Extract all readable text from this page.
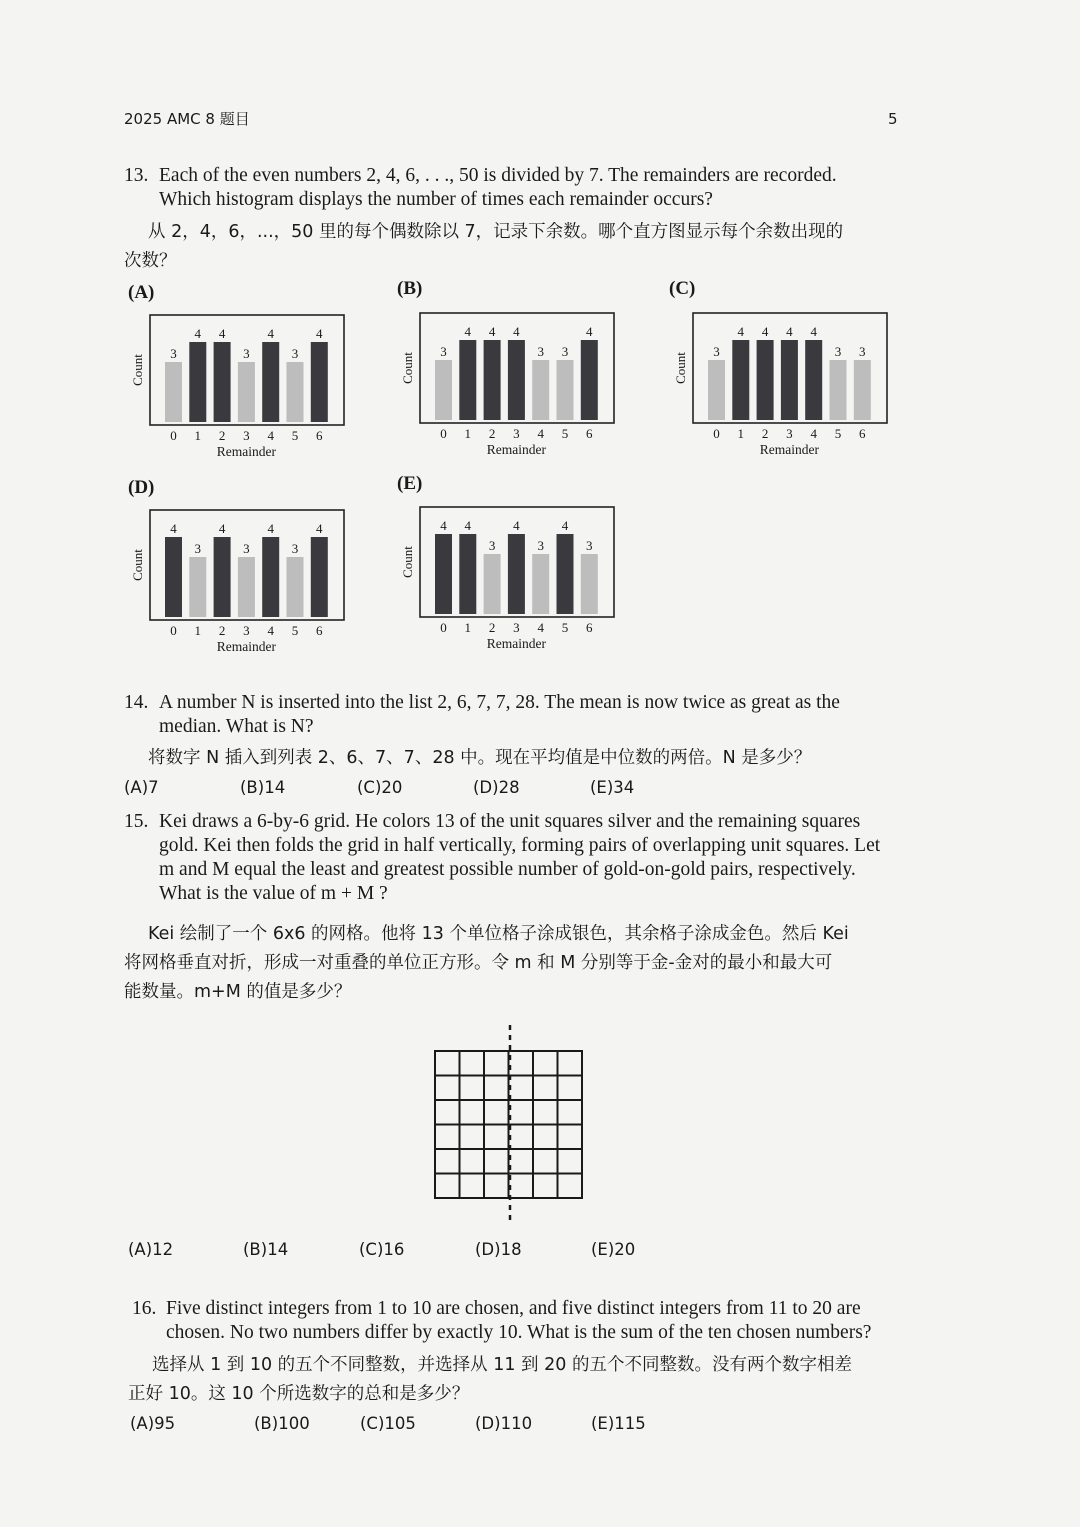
2025 AMC 8 题目	5
13. Each of the even numbers 2, 4, 6, . . ., 50 is divided by 7. The remainders are recorded.
Which histogram displays the number of times each remainder occurs?
从 2，4，6，...，50 里的每个偶数除以 7，记录下余数。哪个直方图显示每个余数出现的
次数？
(A)	(B)	(C)
(D)	(E)
Count
3
0
4
1
4
2
3
3
4
4
3
5
4
6
Remainder
Count
3
0
4
1
4
2
4
3
3
4
3
5
4
6
Remainder
Count
3
0
4
1
4
2
4
3
4
4
3
5
3
6
Remainder
Count
4
0
3
1
4
2
3
3
4
4
3
5
4
6
Remainder
Count
4
0
4
1
3
2
4
3
3
4
4
5
3
6
Remainder
14. A number N is inserted into the list 2, 6, 7, 7, 28. The mean is now twice as great as the
median. What is N?
将数字 N 插入到列表 2、6、7、7、28 中。现在平均值是中位数的两倍。N 是多少？
(A)7	(B)14	(C)20	(D)28	(E)34
15. Kei draws a 6-by-6 grid. He colors 13 of the unit squares silver and the remaining squares
gold. Kei then folds the grid in half vertically, forming pairs of overlapping unit squares. Let
m and M equal the least and greatest possible number of gold-on-gold pairs, respectively.
What is the value of m + M ?
Kei 绘制了一个 6x6 的网格。他将 13 个单位格子涂成银色，其余格子涂成金色。然后 Kei
将网格垂直对折，形成一对重叠的单位正方形。令 m 和 M 分别等于金-金对的最小和最大可
能数量。m+M 的值是多少？
(A)12	(B)14	(C)16	(D)18	(E)20
16. Five distinct integers from 1 to 10 are chosen, and five distinct integers from 11 to 20 are
chosen. No two numbers differ by exactly 10. What is the sum of the ten chosen numbers?
选择从 1 到 10 的五个不同整数，并选择从 11 到 20 的五个不同整数。没有两个数字相差
正好 10。这 10 个所选数字的总和是多少？
(A)95	(B)100	(C)105	(D)110	(E)115
